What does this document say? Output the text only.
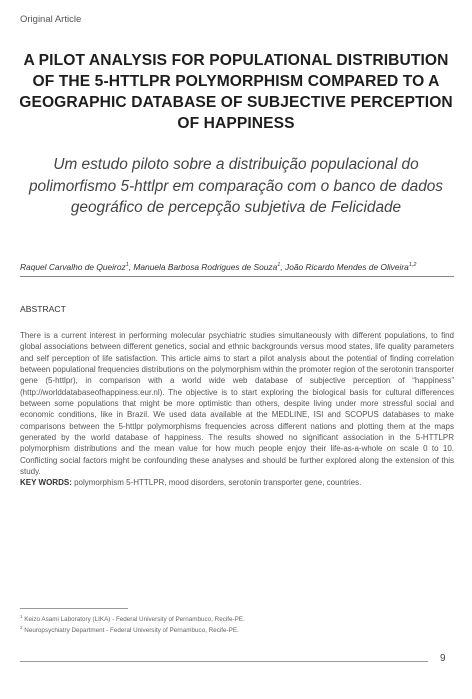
Original Article
A PILOT ANALYSIS FOR POPULATIONAL DISTRIBUTION OF THE 5-HTTLPR POLYMORPHISM COMPARED TO A GEOGRAPHIC DATABASE OF SUBJECTIVE PERCEPTION OF HAPPINESS
Um estudo piloto sobre a distribuição populacional do polimorfismo 5-httlpr em comparação com o banco de dados geográfico de percepção subjetiva de Felicidade
Raquel Carvalho de Queiroz$^1$, Manuela Barbosa Rodrigues de Souza$^1$, João Ricardo Mendes de Oliveira$^{1,2}$
ABSTRACT
There is a current interest in performing molecular psychiatric studies simultaneously with different populations, to find global associations between different genetics, social and ethnic backgrounds versus mood states, life quality parameters and self perception of life satisfaction. This article aims to start a pilot analysis about the potential of finding correlation between populational frequencies distributions on the polymorphism within the promoter region of the serotonin transporter gene (5-httlpr), in comparison with a world wide web database of subjective perception of “happiness” (http://worlddatabaseofhappiness.eur.nl). The objective is to start exploring the biological basis for cultural differences between some populations that might be more optimistic than others, despite living under more stressful social and economic conditions, like in Brazil. We used data available at the MEDLINE, ISI and SCOPUS databases to make comparisons between the 5-httlpr polymorphisms frequencies across different nations and plotting them at the maps generated by the world database of happiness. The results showed no significant association in the 5-HTTLPR polymorphism distributions and the mean value for how much people enjoy their life-as-a-whole on scale 0 to 10. Conflicting social factors might be confounding these analyses and should be further explored along the extension of this study.
KEY WORDS: polymorphism 5-HTTLPR, mood disorders, serotonin transporter gene, countries.
$^1$ Keizo Asami Laboratory (LIKA) - Federal University of Pernambuco, Recife-PE.
$^2$ Neuropsychiatry Department - Federal University of Pernambuco, Recife-PE.
9
